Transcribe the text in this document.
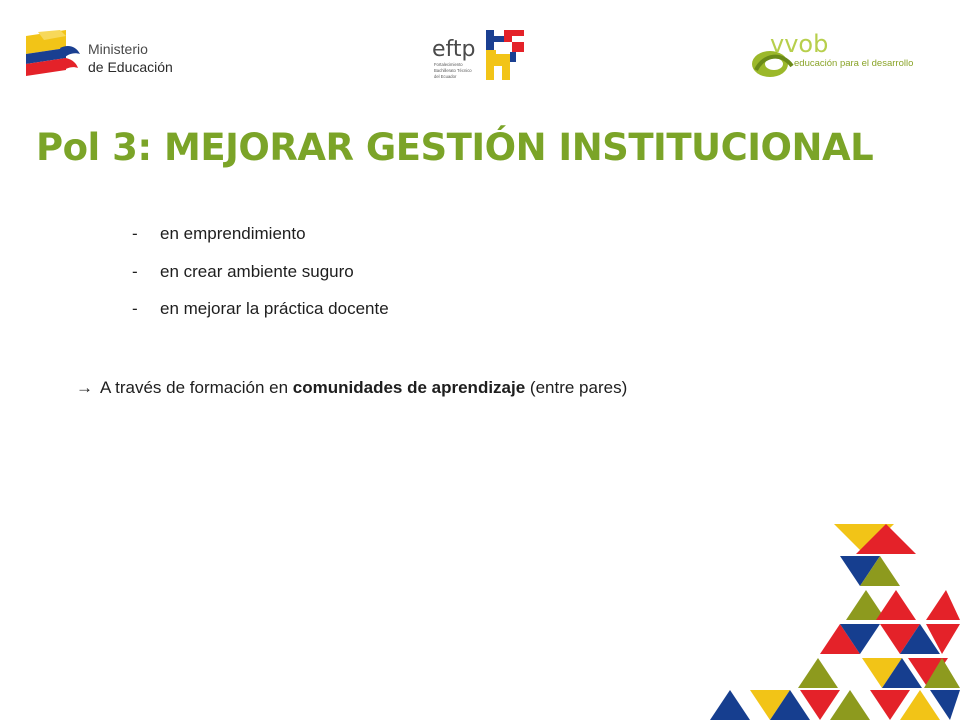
Ministerio
de Educación
eftp
Fortalecimiento
Bachillerato Técnico
del Ecuador
vvob
educación para el desarrollo
Pol 3: MEJORAR GESTIÓN INSTITUCIONAL
- en emprendimiento
- en crear ambiente suguro
- en mejorar la práctica docente
→ A través de formación en comunidades de aprendizaje (entre pares)
